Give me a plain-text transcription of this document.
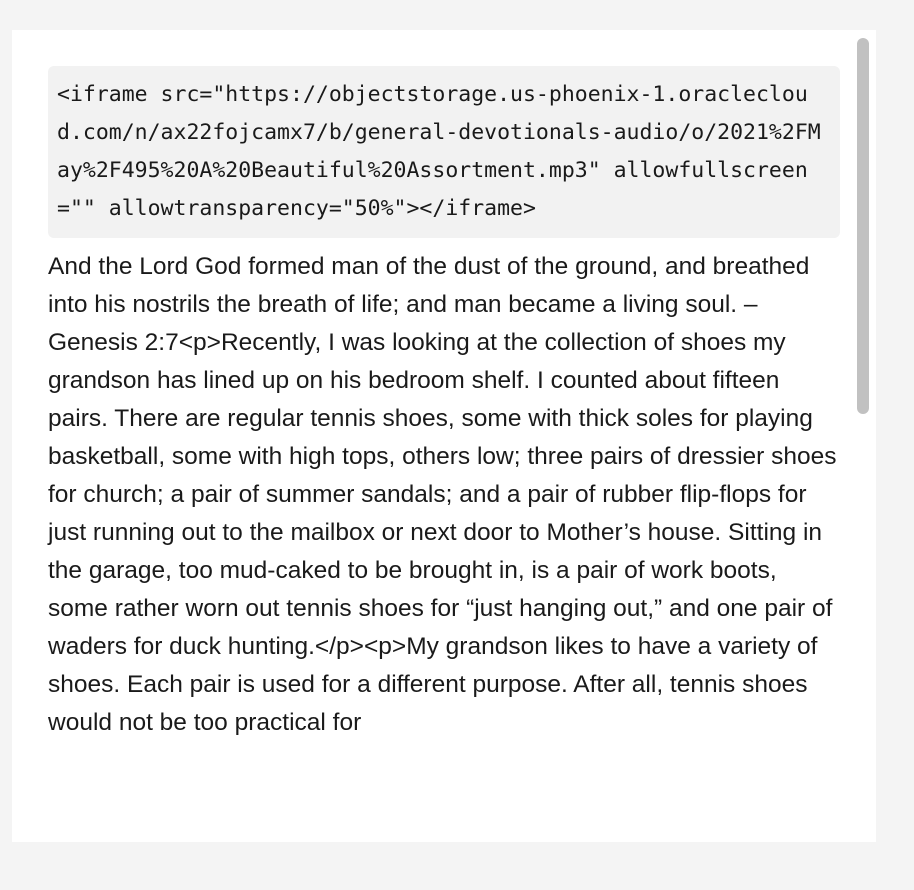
<iframe src="https://objectstorage.us-phoenix-1.oraclecloud.com/n/ax22fojcamx7/b/general-devotionals-audio/o/2021%2FMay%2F495%20A%20Beautiful%20Assortment.mp3" allowfullscreen="" allowtransparency="50%"></iframe>
And the Lord God formed man of the dust of the ground, and breathed into his nostrils the breath of life; and man became a living soul. – Genesis 2:7<p>Recently, I was looking at the collection of shoes my grandson has lined up on his bedroom shelf. I counted about fifteen pairs. There are regular tennis shoes, some with thick soles for playing basketball, some with high tops, others low; three pairs of dressier shoes for church; a pair of summer sandals; and a pair of rubber flip-flops for just running out to the mailbox or next door to Mother’s house. Sitting in the garage, too mud-caked to be brought in, is a pair of work boots, some rather worn out tennis shoes for “just hanging out,” and one pair of waders for duck hunting.</p><p>My grandson likes to have a variety of shoes. Each pair is used for a different purpose. After all, tennis shoes would not be too practical for
